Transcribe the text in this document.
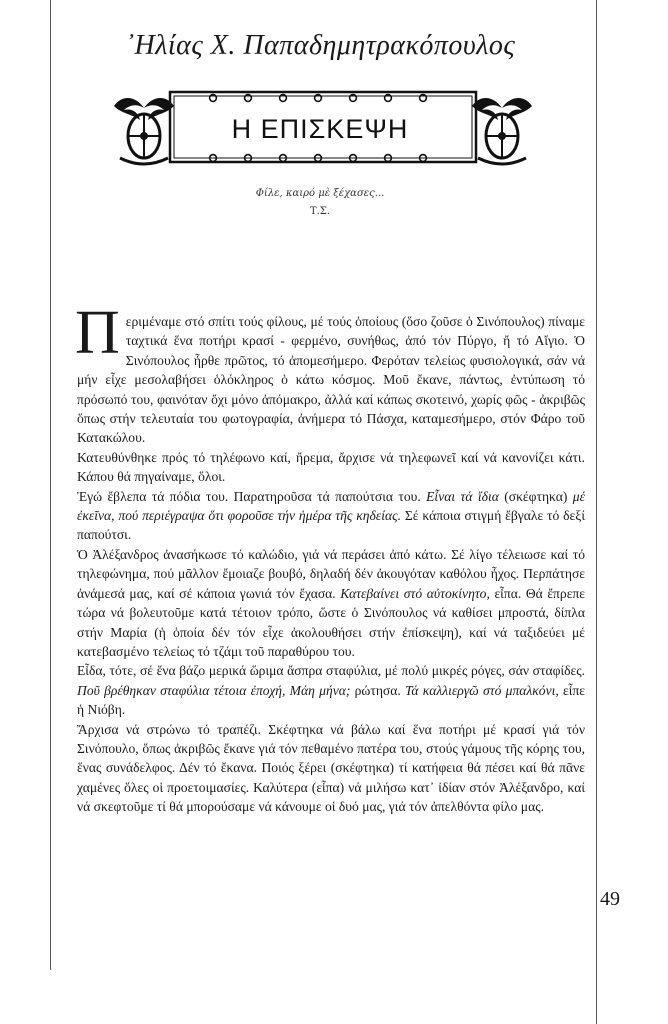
᾽Ηλίας Χ. Παπαδημητρακόπουλος
Η ΕΠΙΣΚΕΨΗ
Φίλε, καιρό μὲ ξέχασες...
Τ.Σ.

Περιμέναμε στό σπίτι τούς φίλους, μέ τούς ὁποίους (ὅσο ζοῦσε ὁ Σινόπουλος) πίναμε ταχτικά ἕνα ποτήρι κρασί - φερμένο, συνήθως, ἀπό τόν Πύργο, ἤ τό Αἴγιο. Ὁ Σινόπουλος ἦρθε πρῶτος, τό ἀπομεσήμερο. Φερόταν τελείως φυσιολογικά, σάν νά μήν εἶχε μεσολαβήσει ὁλόκληρος ὁ κάτω κόσμος. Μοῦ ἔκανε, πάντως, ἐντύπωση τό πρόσωπό του, φαινόταν ὄχι μόνο ἀπόμακρο, ἀλλά καί κάπως σκοτεινό, χωρίς φῶς - ἀκριβῶς ὅπως στήν τελευταία του φωτογραφία, ἀνήμερα τό Πάσχα, καταμεσήμερο, στόν Φάρο τοῦ Κατακώλου.

Κατευθύνθηκε πρός τό τηλέφωνο καί, ἤρεμα, ἄρχισε νά τηλεφωνεῖ καί νά κανονίζει κάτι. Κάπου θά πηγαίναμε, ὅλοι.

Ἐγώ ἔβλεπα τά πόδια του. Παρατηροῦσα τά παπούτσια του. Εἶναι τά ἴδια (σκέφτηκα) μέ ἐκεῖνα, πού περιέγραψα ὅτι φοροῦσε τήν ἡμέρα τῆς κηδείας. Σέ κάποια στιγμή ἔβγαλε τό δεξί παπούτσι.

Ὁ Ἀλέξανδρος ἀνασήκωσε τό καλώδιο, γιά νά περάσει ἀπό κάτω. Σέ λίγο τέλειωσε καί τό τηλεφώνημα, πού μᾶλλον ἔμοιαζε βουβό, δηλαδή δέν ἀκουγόταν καθόλου ἦχος. Περπάτησε ἀνάμεσά μας, καί σέ κάποια γωνιά τόν ἔχασα. Κατεβαίνει στό αὐτοκίνητο, εἶπα. Θά ἔπρεπε τώρα νά βολευτοῦμε κατά τέτοιον τρόπο, ὥστε ὁ Σινόπουλος νά καθίσει μπροστά, δίπλα στήν Μαρία (ἡ ὁποία δέν τόν εἶχε ἀκολουθήσει στήν ἐπίσκεψη), καί νά ταξιδεύει μέ κατεβασμένο τελείως τό τζάμι τοῦ παραθύρου του.

Εἶδα, τότε, σέ ἕνα βάζο μερικά ὥριμα ἄσπρα σταφύλια, μέ πολύ μικρές ρόγες, σάν σταφίδες. Ποῦ βρέθηκαν σταφύλια τέτοια ἐποχή, Μάη μήνα; ρώτησα. Τά καλλιεργῶ στό μπαλκόνι, εἶπε ἡ Νιόβη.

Ἄρχισα νά στρώνω τό τραπέζι. Σκέφτηκα νά βάλω καί ἕνα ποτήρι μέ κρασί γιά τόν Σινόπουλο, ὅπως ἀκριβῶς ἔκανε γιά τόν πεθαμένο πατέρα του, στούς γάμους τῆς κόρης του, ἕνας συνάδελφος. Δέν τό ἔκανα. Ποιός ξέρει (σκέφτηκα) τί κατήφεια θά πέσει καί θά πᾶνε χαμένες ὅλες οἱ προετοιμασίες. Καλύτερα (εἶπα) νά μιλήσω κατ᾽ ἰδίαν στόν Ἀλέξανδρο, καί νά σκεφτοῦμε τί θά μπορούσαμε νά κάνουμε οἱ δυό μας, γιά τόν ἀπελθόντα φίλο μας.

49
